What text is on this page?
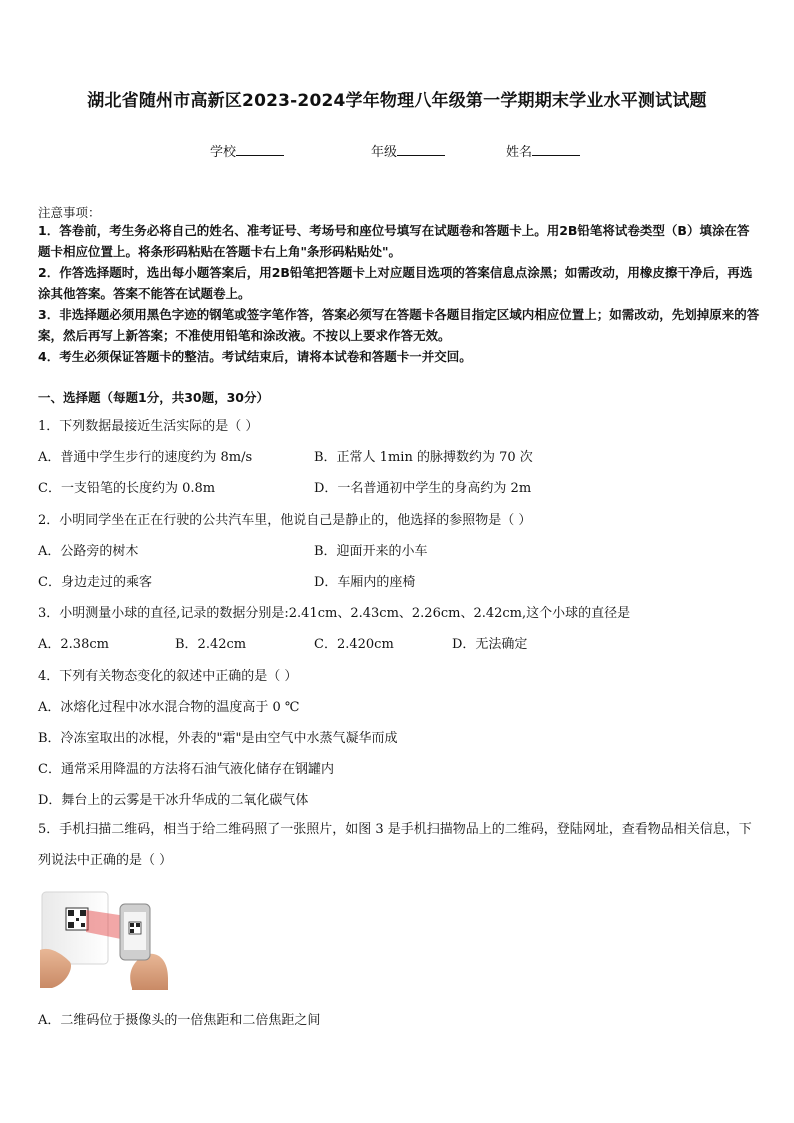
湖北省随州市高新区2023-2024学年物理八年级第一学期期末学业水平测试试题
学校	年级	姓名
注意事项：
1．答卷前，考生务必将自己的姓名、准考证号、考场号和座位号填写在试题卷和答题卡上。用2B铅笔将试卷类型（B）填涂在答题卡相应位置上。将条形码粘贴在答题卡右上角"条形码粘贴处"。
2．作答选择题时，选出每小题答案后，用2B铅笔把答题卡上对应题目选项的答案信息点涂黑；如需改动，用橡皮擦干净后，再选涂其他答案。答案不能答在试题卷上。
3．非选择题必须用黑色字迹的钢笔或签字笔作答，答案必须写在答题卡各题目指定区域内相应位置上；如需改动，先划掉原来的答案，然后再写上新答案；不准使用铅笔和涂改液。不按以上要求作答无效。
4．考生必须保证答题卡的整洁。考试结束后，请将本试卷和答题卡一并交回。
一、选择题（每题1分，共30题，30分）
1．下列数据最接近生活实际的是（ ）
A．普通中学生步行的速度约为 8m/s	B．正常人 1min 的脉搏数约为 70 次
C．一支铅笔的长度约为 0.8m	D．一名普通初中学生的身高约为 2m
2．小明同学坐在正在行驶的公共汽车里，他说自己是静止的，他选择的参照物是（ ）
A．公路旁的树木	B．迎面开来的小车
C．身边走过的乘客	D．车厢内的座椅
3．小明测量小球的直径,记录的数据分别是:2.41cm、2.43cm、2.26cm、2.42cm,这个小球的直径是
A．2.38cm	B．2.42cm	C．2.420cm	D．无法确定
4．下列有关物态变化的叙述中正确的是（ ）
A．冰熔化过程中冰水混合物的温度高于 0 ℃
B．冷冻室取出的冰棍，外表的"霜"是由空气中水蒸气凝华而成
C．通常采用降温的方法将石油气液化储存在钢罐内
D．舞台上的云雾是干冰升华成的二氧化碳气体
5．手机扫描二维码，相当于给二维码照了一张照片，如图 3 是手机扫描物品上的二维码，登陆网址，查看物品相关信息，下列说法中正确的是（ ）
A．二维码位于摄像头的一倍焦距和二倍焦距之间
